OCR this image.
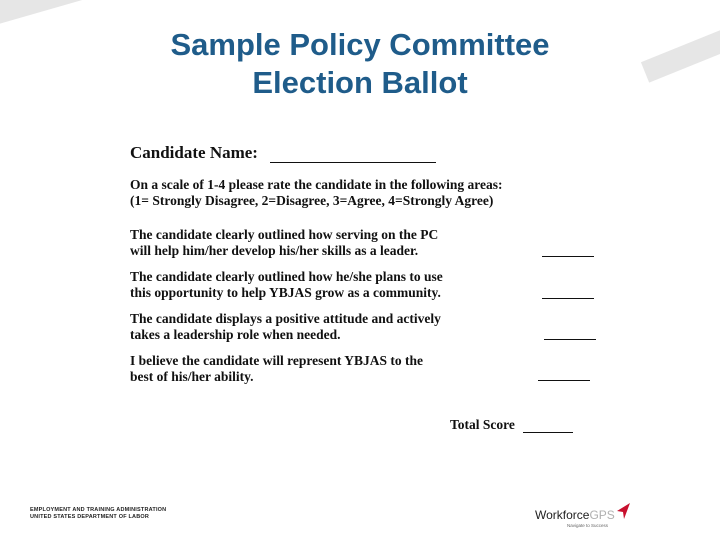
Sample Policy Committee
Election Ballot
Candidate Name:
On a scale of 1-4 please rate the candidate in the following areas:
(1= Strongly Disagree, 2=Disagree, 3=Agree, 4=Strongly Agree)
The candidate clearly outlined how serving on the PC
will help him/her develop his/her skills as a leader.
The candidate clearly outlined how he/she plans to use
this opportunity to help YBJAS grow as a community.
The candidate displays a positive attitude and actively
takes a leadership role when needed.
I believe the candidate will represent YBJAS to the
best of his/her ability.
Total Score
EMPLOYMENT AND TRAINING ADMINISTRATION
UNITED STATES DEPARTMENT OF LABOR	WorkforceGPS
Navigate to Success
